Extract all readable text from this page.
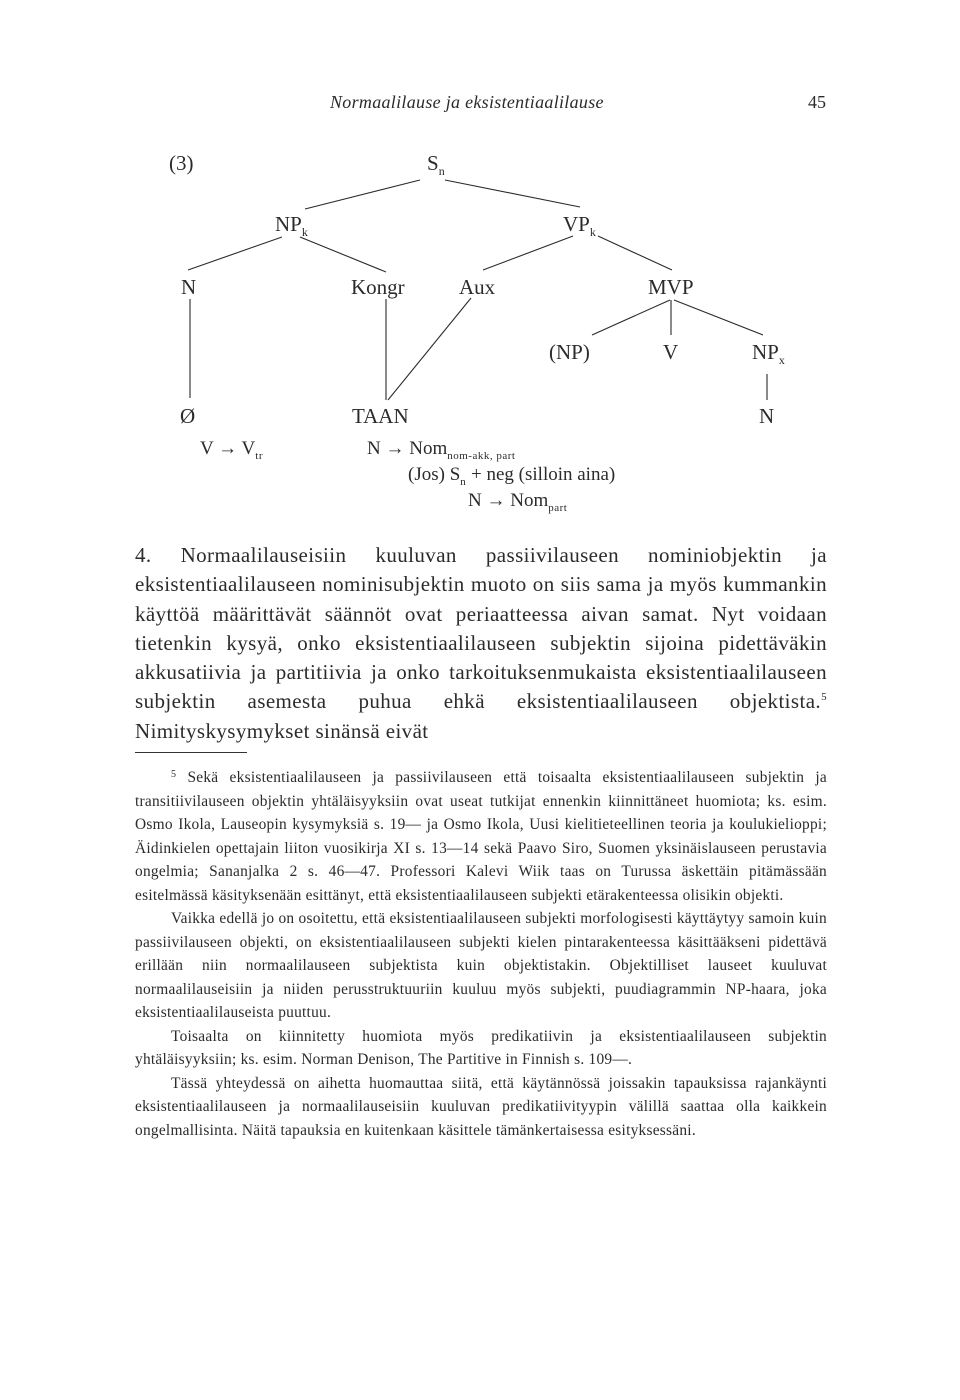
Normaalilause ja eksistentiaalilause	45
(3)	$S_n$
$NP_k$	$VP_k$
N	Kongr	Aux	MVP
(NP)	V	$NP_x$
Ø	TAAN	N
$V \to V_{tr}$	N → Nom$_{nom-akk, part}$
(Jos) $S_n$ + neg (silloin aina)
N → Nom$_{part}$

4. Normaalilauseisiin kuuluvan passiivilauseen nominiobjektin ja eksistentiaalilauseen nominisubjektin muoto on siis sama ja myös kummankin käyttöä määrittävät säännöt ovat periaatteessa aivan samat. Nyt voidaan tietenkin kysyä, onko eksistentiaalilauseen subjektin sijoina pidettäväkin akkusatiivia ja partitiivia ja onko tarkoituksenmukaista eksistentiaalilauseen subjektin asemesta puhua ehkä eksistentiaalilauseen objektista.$^5$ Nimityskysymykset sinänsä eivät

$^5$ Sekä eksistentiaalilauseen ja passiivilauseen että toisaalta eksistentiaalilauseen subjektin ja transitiivilauseen objektin yhtäläisyyksiin ovat useat tutkijat ennenkin kiinnittäneet huomiota; ks. esim. Osmo Ikola, Lauseopin kysymyksiä s. 19— ja Osmo Ikola, Uusi kielitieteellinen teoria ja koulukielioppi; Äidinkielen opettajain liiton vuosikirja XI s. 13—14 sekä Paavo Siro, Suomen yksinäislauseen perustavia ongelmia; Sananjalka 2 s. 46—47. Professori Kalevi Wiik taas on Turussa äskettäin pitämässään esitelmässä käsityksenään esittänyt, että eksistentiaalilauseen subjekti etärakenteessa olisikin objekti.

Vaikka edellä jo on osoitettu, että eksistentiaalilauseen subjekti morfologisesti käyttäytyy samoin kuin passiivilauseen objekti, on eksistentiaalilauseen subjekti kielen pintarakenteessa käsittääkseni pidettävä erillään niin normaalilauseen subjektista kuin objektistakin. Objektilliset lauseet kuuluvat normaalilauseisiin ja niiden perusstruktuuriin kuuluu myös subjekti, puudiagrammin NP-haara, joka eksistentiaalilauseista puuttuu.

Toisaalta on kiinnitetty huomiota myös predikatiivin ja eksistentiaalilauseen subjektin yhtäläisyyksiin; ks. esim. Norman Denison, The Partitive in Finnish s. 109—.

Tässä yhteydessä on aihetta huomauttaa siitä, että käytännössä joissakin tapauksissa rajankäynti eksistentiaalilauseen ja normaalilauseisiin kuuluvan predikatiivityypin välillä saattaa olla kaikkein ongelmallisinta. Näitä tapauksia en kuitenkaan käsittele tämänkertaisessa esityksessäni.
